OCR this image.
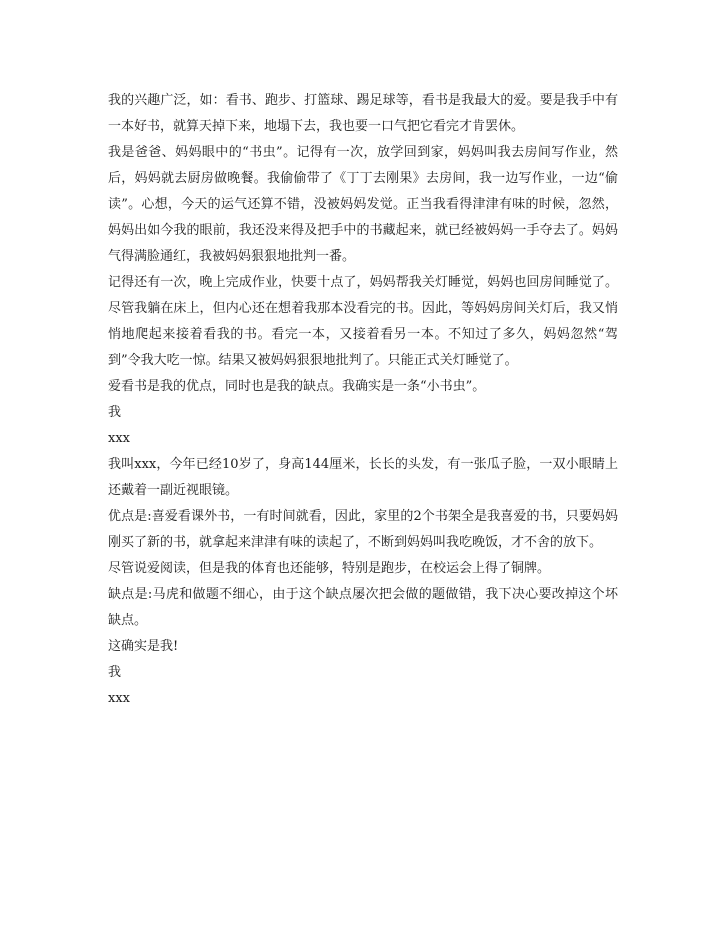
我的兴趣广泛，如：看书、跑步、打篮球、踢足球等，看书是我最大的爱。要是我手中有一本好书，就算天掉下来，地塌下去，我也要一口气把它看完才肯罢休。

我是爸爸、妈妈眼中的“书虫”。记得有一次，放学回到家，妈妈叫我去房间写作业，然后，妈妈就去厨房做晚餐。我偷偷带了《丁丁去刚果》去房间，我一边写作业，一边“偷读”。心想，今天的运气还算不错，没被妈妈发觉。正当我看得津津有味的时候，忽然，妈妈出如今我的眼前，我还没来得及把手中的书藏起来，就已经被妈妈一手夺去了。妈妈气得满脸通红，我被妈妈狠狠地批判一番。

记得还有一次，晚上完成作业，快要十点了，妈妈帮我关灯睡觉，妈妈也回房间睡觉了。尽管我躺在床上，但内心还在想着我那本没看完的书。因此，等妈妈房间关灯后，我又悄悄地爬起来接着看我的书。看完一本，又接着看另一本。不知过了多久，妈妈忽然“驾到”令我大吃一惊。结果又被妈妈狠狠地批判了。只能正式关灯睡觉了。

爱看书是我的优点，同时也是我的缺点。我确实是一条“小书虫”。

我

xxx

我叫xxx，今年已经10岁了，身高144厘米，长长的头发，有一张瓜子脸，一双小眼睛上还戴着一副近视眼镜。

优点是:喜爱看课外书，一有时间就看，因此，家里的2个书架全是我喜爱的书，只要妈妈刚买了新的书，就拿起来津津有味的读起了，不断到妈妈叫我吃晚饭，才不舍的放下。

尽管说爱阅读，但是我的体育也还能够，特别是跑步，在校运会上得了铜牌。

缺点是:马虎和做题不细心，由于这个缺点屡次把会做的题做错，我下决心要改掉这个坏缺点。

这确实是我!

我

xxx
